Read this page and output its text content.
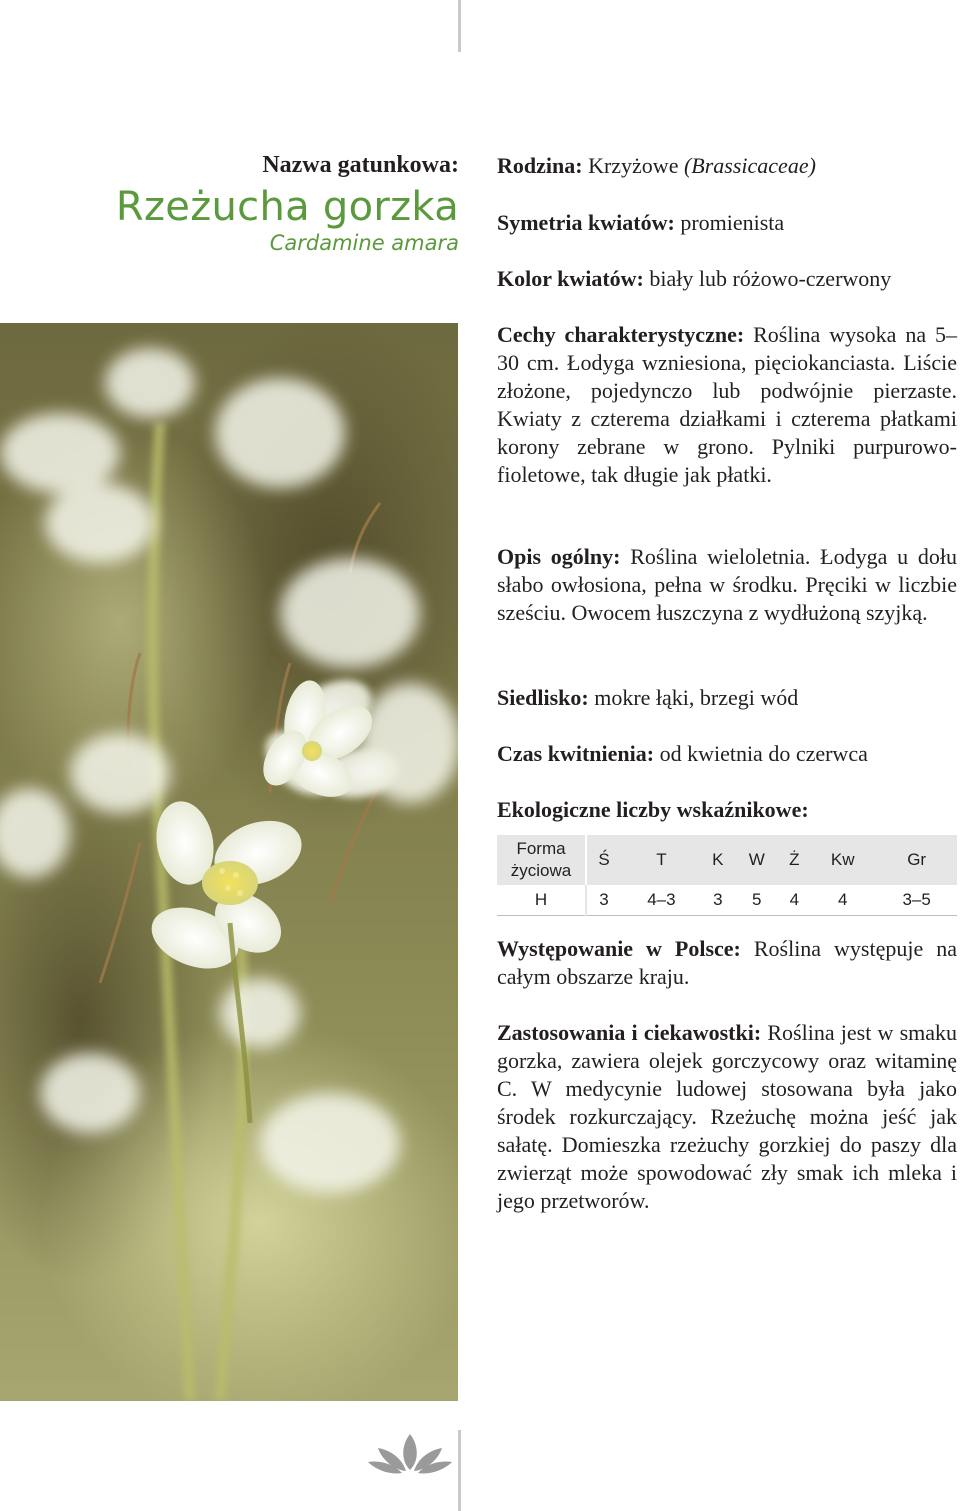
Nazwa gatunkowa:
Rzeżucha gorzka
Cardamine amara

Rodzina: Krzyżowe (Brassicaceae)

Symetria kwiatów: promienista

Kolor kwiatów: biały lub różowo-czerwony

Cechy charakterystyczne: Roślina wysoka na 5–30 cm. Łodyga wzniesiona, pięciokanciasta. Liście złożone, pojedynczo lub podwójnie pierzaste. Kwiaty z czterema działkami i czterema płatkami korony zebrane w grono. Pylniki purpurowo-fioletowe, tak długie jak płatki.

Opis ogólny: Roślina wieloletnia. Łodyga u dołu słabo owłosiona, pełna w środku. Pręciki w liczbie sześciu. Owocem łuszczyna z wydłużoną szyjką.

Siedlisko: mokre łąki, brzegi wód

Czas kwitnienia: od kwietnia do czerwca

Ekologiczne liczby wskaźnikowe:

Forma życiowa	Ś	T	K	W	Ż	Kw	Gr
H	3	4–3	3	5	4	4	3–5

Występowanie w Polsce: Roślina występuje na całym obszarze kraju.

Zastosowania i ciekawostki: Roślina jest w smaku gorzka, zawiera olejek gorczycowy oraz witaminę C. W medycynie ludowej stosowana była jako środek rozkurczający. Rzeżuchę można jeść jak sałatę. Domieszka rzeżuchy gorzkiej do paszy dla zwierząt może spowodować zły smak ich mleka i jego przetworów.
